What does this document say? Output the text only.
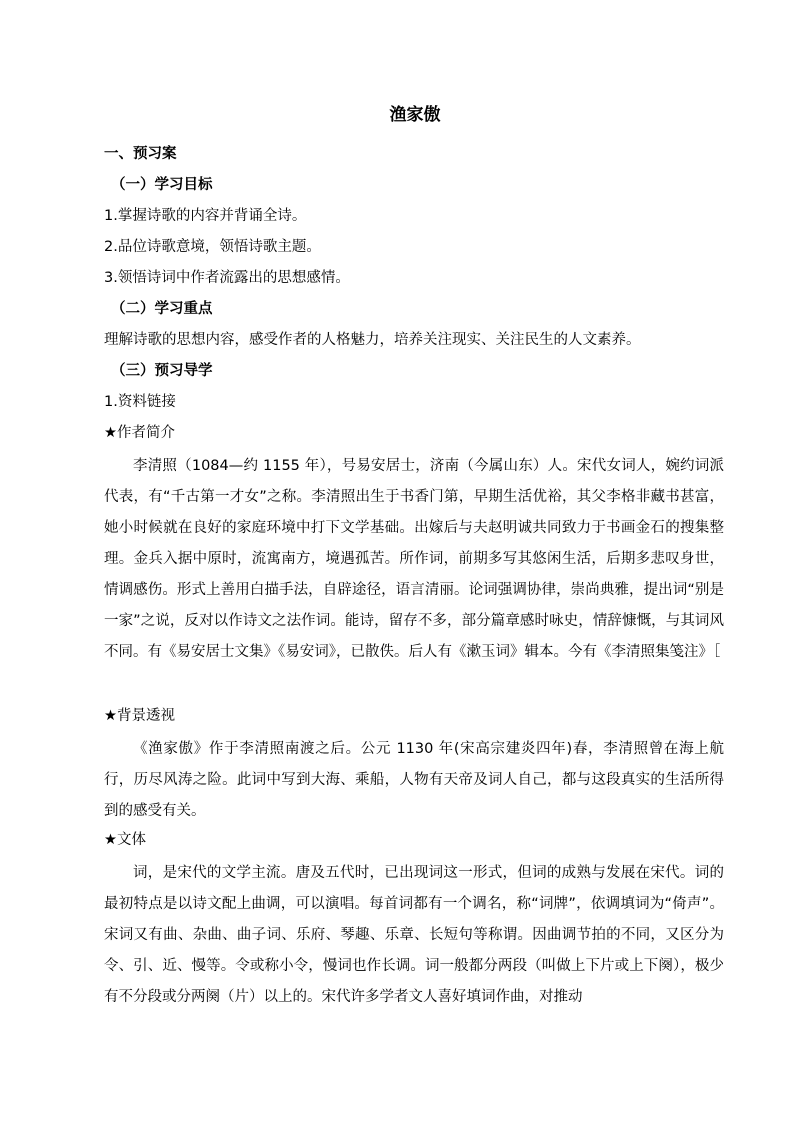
渔家傲
一、预习案
（一）学习目标
1.掌握诗歌的内容并背诵全诗。
2.品位诗歌意境，领悟诗歌主题。
3.领悟诗词中作者流露出的思想感情。
（二）学习重点
理解诗歌的思想内容，感受作者的人格魅力，培养关注现实、关注民生的人文素养。
（三）预习导学
1.资料链接
★作者简介
李清照（1084—约 1155 年），号易安居士，济南（今属山东）人。宋代女词人，婉约词派代表，有“千古第一才女”之称。李清照出生于书香门第，早期生活优裕，其父李格非藏书甚富，她小时候就在良好的家庭环境中打下文学基础。出嫁后与夫赵明诚共同致力于书画金石的搜集整理。金兵入据中原时，流寓南方，境遇孤苦。所作词，前期多写其悠闲生活，后期多悲叹身世，情调感伤。形式上善用白描手法，自辟途径，语言清丽。论词强调协律，崇尚典雅，提出词“别是一家”之说，反对以作诗文之法作词。能诗，留存不多，部分篇章感时咏史，情辞慷慨，与其词风不同。有《易安居士文集》《易安词》，已散佚。后人有《漱玉词》辑本。今有《李清照集笺注》［
★背景透视
《渔家傲》作于李清照南渡之后。公元 1130 年(宋高宗建炎四年)春，李清照曾在海上航行，历尽风涛之险。此词中写到大海、乘船，人物有天帝及词人自己，都与这段真实的生活所得到的感受有关。
★文体
词，是宋代的文学主流。唐及五代时，已出现词这一形式，但词的成熟与发展在宋代。词的最初特点是以诗文配上曲调，可以演唱。每首词都有一个调名，称“词牌”，依调填词为“倚声”。宋词又有曲、杂曲、曲子词、乐府、琴趣、乐章、长短句等称谓。因曲调节拍的不同，又区分为令、引、近、慢等。令或称小令，慢词也作长调。词一般都分两段（叫做上下片或上下阕），极少有不分段或分两阕（片）以上的。宋代许多学者文人喜好填词作曲，对推动
